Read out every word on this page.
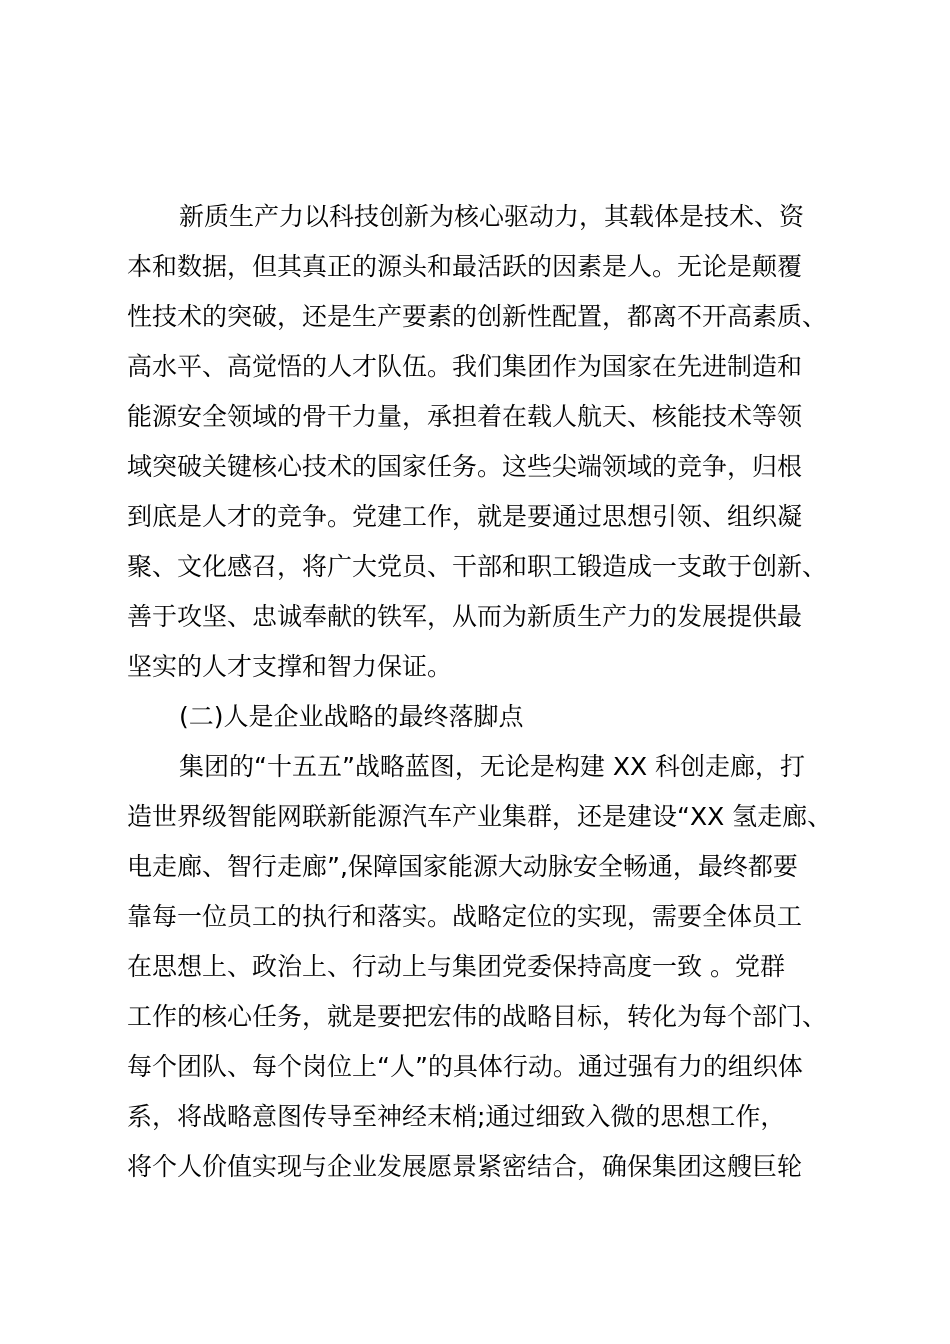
新质生产力以科技创新为核心驱动力，其载体是技术、资
本和数据，但其真正的源头和最活跃的因素是人。无论是颠覆
性技术的突破，还是生产要素的创新性配置，都离不开高素质、
高水平、高觉悟的人才队伍。我们集团作为国家在先进制造和
能源安全领域的骨干力量，承担着在载人航天、核能技术等领
域突破关键核心技术的国家任务。这些尖端领域的竞争，归根
到底是人才的竞争。党建工作，就是要通过思想引领、组织凝
聚、文化感召，将广大党员、干部和职工锻造成一支敢于创新、
善于攻坚、忠诚奉献的铁军，从而为新质生产力的发展提供最
坚实的人才支撑和智力保证。
(二)人是企业战略的最终落脚点
集团的“十五五”战略蓝图，无论是构建 XX 科创走廊，打
造世界级智能网联新能源汽车产业集群，还是建设“XX 氢走廊、
电走廊、智行走廊”,保障国家能源大动脉安全畅通，最终都要
靠每一位员工的执行和落实。战略定位的实现，需要全体员工
在思想上、政治上、行动上与集团党委保持高度一致 。党群
工作的核心任务，就是要把宏伟的战略目标，转化为每个部门、
每个团队、每个岗位上“人”的具体行动。通过强有力的组织体
系，将战略意图传导至神经末梢;通过细致入微的思想工作，
将个人价值实现与企业发展愿景紧密结合，确保集团这艘巨轮
